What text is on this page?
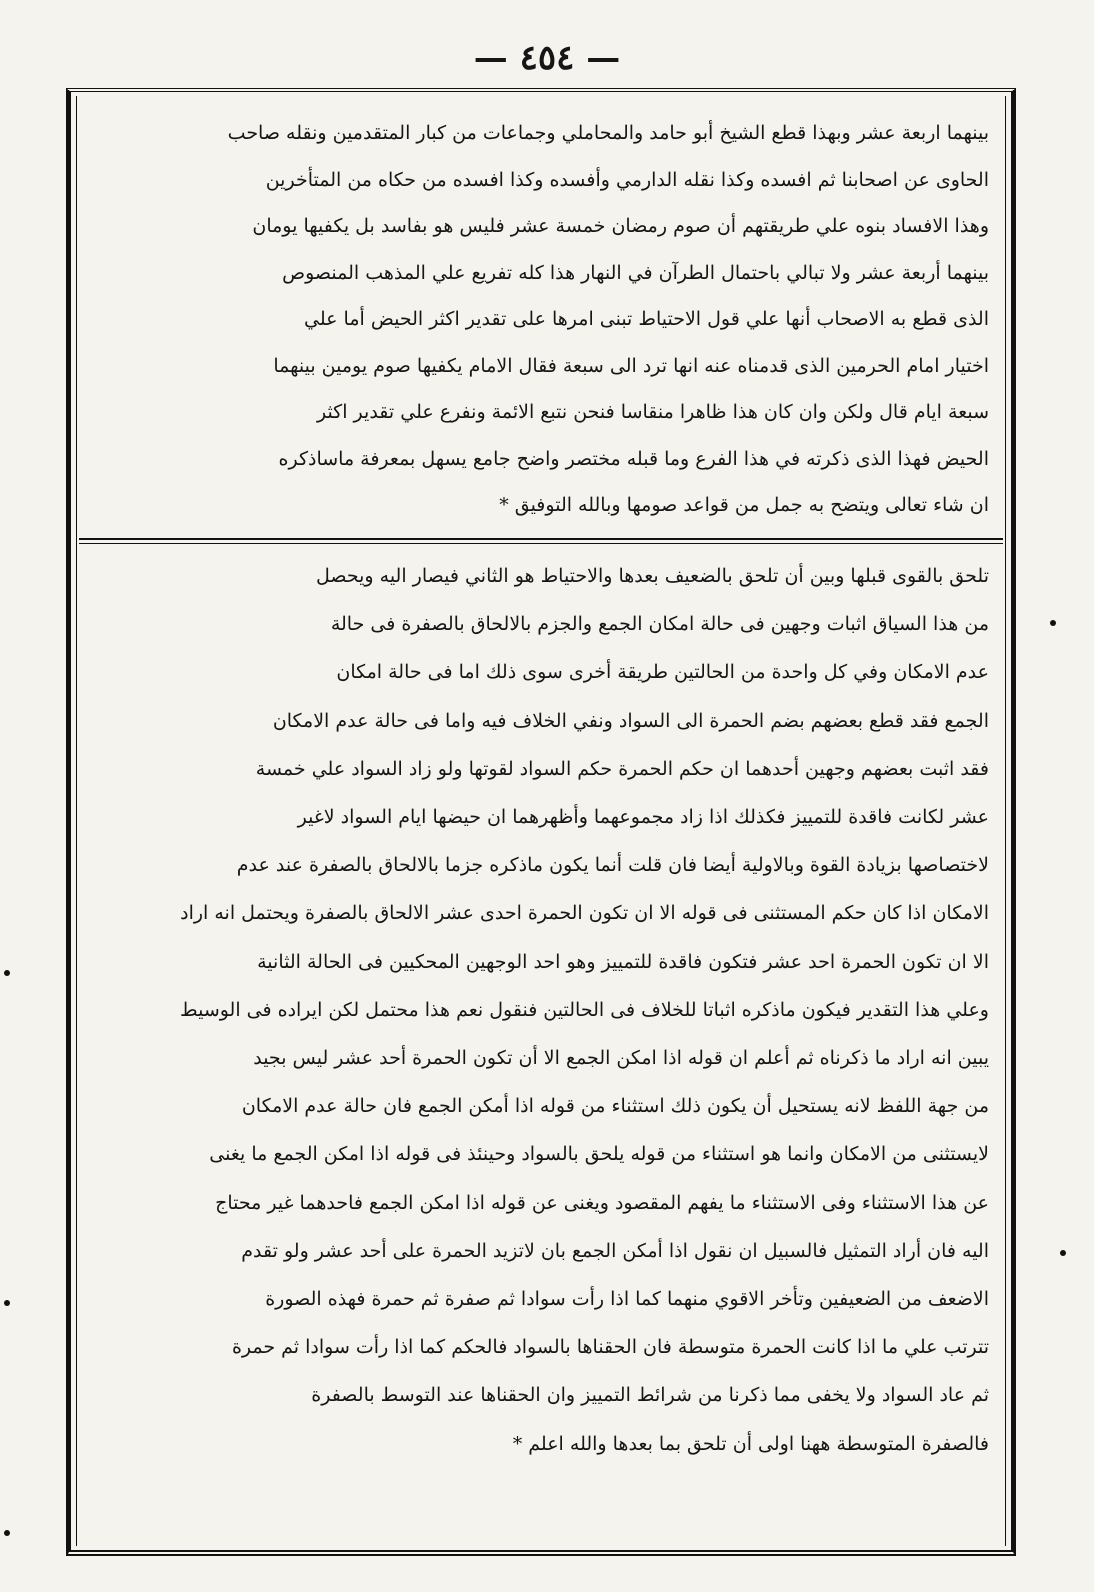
— ٤٥٤ —
بينهما اربعة عشر وبهذا قطع الشيخ أبو حامد والمحاملي وجماعات من كبار المتقدمين ونقله صاحب
الحاوى عن اصحابنا ثم افسده وكذا نقله الدارمي وأفسده وكذا افسده من حكاه من المتأخرين
وهذا الافساد بنوه علي طريقتهم أن صوم رمضان خمسة عشر فليس هو بفاسد بل يكفيها يومان
بينهما أربعة عشر ولا تبالي باحتمال الطرآن في النهار هذا كله تفريع علي المذهب المنصوص
الذى قطع به الاصحاب أنها علي قول الاحتياط تبنى امرها على تقدير اكثر الحيض أما علي
اختيار امام الحرمين الذى قدمناه عنه انها ترد الى سبعة فقال الامام يكفيها صوم يومين بينهما
سبعة ايام قال ولكن وان كان هذا ظاهرا منقاسا فنحن نتبع الائمة ونفرع علي تقدير اكثر
الحيض فهذا الذى ذكرته في هذا الفرع وما قبله مختصر واضح جامع يسهل بمعرفة ماساذكره
ان شاء تعالى ويتضح به جمل من قواعد صومها وبالله التوفيق *
تلحق بالقوى قبلها وبين أن تلحق بالضعيف بعدها والاحتياط هو الثاني فيصار اليه ويحصل
من هذا السياق اثبات وجهين فى حالة امكان الجمع والجزم بالالحاق بالصفرة فى حالة
عدم الامكان وفي كل واحدة من الحالتين طريقة أخرى سوى ذلك اما فى حالة امكان
الجمع فقد قطع بعضهم بضم الحمرة الى السواد ونفي الخلاف فيه واما فى حالة عدم الامكان
فقد اثبت بعضهم وجهين أحدهما ان حكم الحمرة حكم السواد لقوتها ولو زاد السواد علي خمسة
عشر لكانت فاقدة للتمييز فكذلك اذا زاد مجموعهما وأظهرهما ان حيضها ايام السواد لاغير
لاختصاصها بزيادة القوة وبالاولية أيضا فان قلت أنما يكون ماذكره جزما بالالحاق بالصفرة عند عدم
الامكان اذا كان حكم المستثنى فى قوله الا ان تكون الحمرة احدى عشر الالحاق بالصفرة ويحتمل انه اراد
الا ان تكون الحمرة احد عشر فتكون فاقدة للتمييز وهو احد الوجهين المحكيين فى الحالة الثانية
وعلي هذا التقدير فيكون ماذكره اثباتا للخلاف فى الحالتين فنقول نعم هذا محتمل لكن ايراده فى الوسيط
يبين انه اراد ما ذكرناه ثم أعلم ان قوله اذا امكن الجمع الا أن تكون الحمرة أحد عشر ليس بجيد
من جهة اللفظ لانه يستحيل أن يكون ذلك استثناء من قوله اذا أمكن الجمع فان حالة عدم الامكان
لايستثنى من الامكان وانما هو استثناء من قوله يلحق بالسواد وحينئذ فى قوله اذا امكن الجمع ما يغنى
عن هذا الاستثناء وفى الاستثناء ما يفهم المقصود ويغنى عن قوله اذا امكن الجمع فاحدهما غير محتاج
اليه فان أراد التمثيل فالسبيل ان نقول اذا أمكن الجمع بان لاتزيد الحمرة على أحد عشر ولو تقدم
الاضعف من الضعيفين وتأخر الاقوي منهما كما اذا رأت سوادا ثم صفرة ثم حمرة فهذه الصورة
تترتب علي ما اذا كانت الحمرة متوسطة فان الحقناها بالسواد فالحكم كما اذا رأت سوادا ثم حمرة
ثم عاد السواد ولا يخفى مما ذكرنا من شرائط التمييز وان الحقناها عند التوسط بالصفرة
فالصفرة المتوسطة ههنا اولى أن تلحق بما بعدها والله اعلم *
